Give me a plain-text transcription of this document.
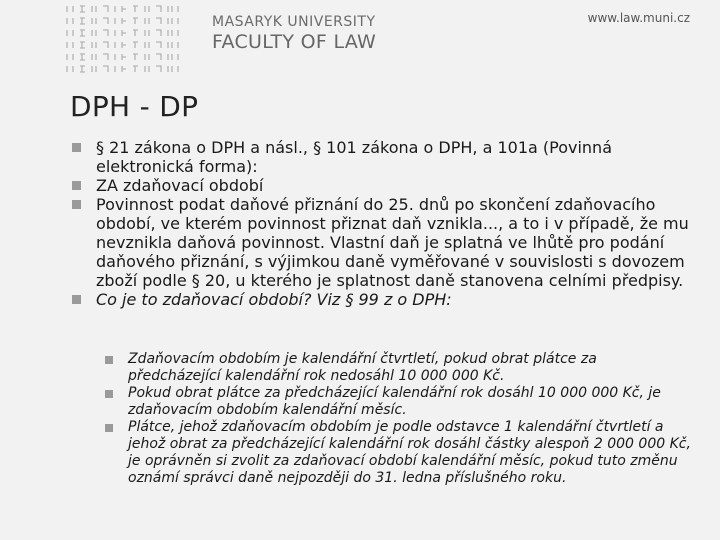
MASARYK UNIVERSITY
FACULTY OF LAW
www.law.muni.cz
DPH - DP
§ 21 zákona o DPH a násl., § 101 zákona o DPH, a 101a (Povinná elektronická forma):
ZA zdaňovací období
Povinnost podat daňové přiznání do 25. dnů po skončení zdaňovacího období, ve kterém povinnost přiznat daň vznikla..., a to i v případě, že mu nevznikla daňová povinnost. Vlastní daň je splatná ve lhůtě pro podání daňového přiznání, s výjimkou daně vyměřované v souvislosti s dovozem zboží podle § 20, u kterého je splatnost daně stanovena celními předpisy.
Co je to zdaňovací období? Viz § 99 z o DPH:
Zdaňovacím obdobím je kalendářní čtvrtletí, pokud obrat plátce za předcházející kalendářní rok nedosáhl 10 000 000 Kč.
Pokud obrat plátce za předcházející kalendářní rok dosáhl 10 000 000 Kč, je zdaňovacím obdobím kalendářní měsíc.
Plátce, jehož zdaňovacím obdobím je podle odstavce 1 kalendářní čtvrtletí a jehož obrat za předcházející kalendářní rok dosáhl částky alespoň 2 000 000 Kč, je oprávněn si zvolit za zdaňovací období kalendářní měsíc, pokud tuto změnu oznámí správci daně nejpozději do 31. ledna příslušného roku.
